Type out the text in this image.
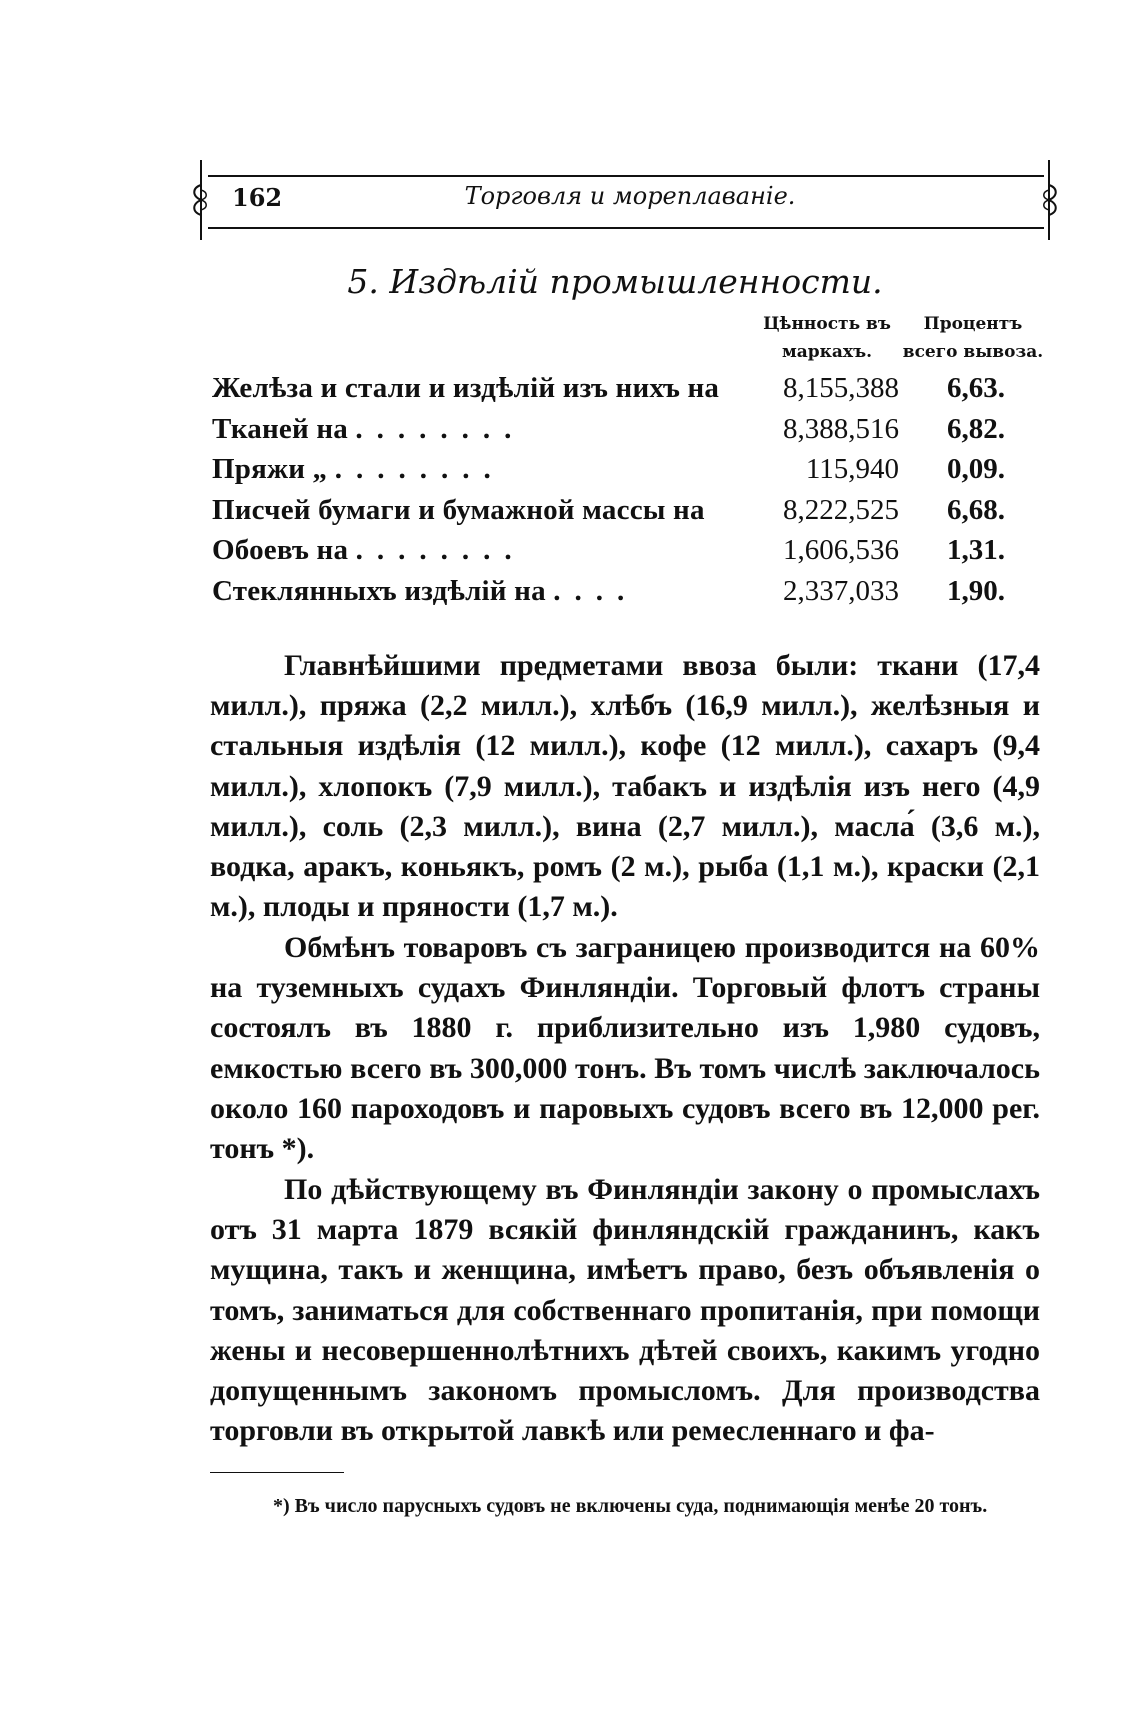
162	Торговля и мореплаваніе.
5. Издѣлій промышленности.
Цѣнность въ
маркахъ.
Процентъ
всего вывоза.
Желѣза и стали и издѣлій изъ нихъ на 8,155,388 6,63.
Тканей на ........	8,388,516 6,82.
Пряжи „ ........	115,940 0,09.
Писчей бумаги и бумажной массы на	8,222,525 6,68.
Обоевъ на ........	1,606,536 1,31.
Стеклянныхъ издѣлій на ....	2,337,033 1,90.

Главнѣйшими предметами ввоза были: ткани (17,4 милл.), пряжа (2,2 милл.), хлѣбъ (16,9 милл.), желѣзныя и стальныя издѣлія (12 милл.), кофе (12 милл.), сахаръ (9,4 милл.), хлопокъ (7,9 милл.), табакъ и издѣлія изъ него (4,9 милл.), соль (2,3 милл.), вина (2,7 милл.), масла́ (3,6 м.), водка, аракъ, коньякъ, ромъ (2 м.), рыба (1,1 м.), краски (2,1 м.), плоды и пряности (1,7 м.).

Обмѣнъ товаровъ съ заграницею производится на 60% на туземныхъ судахъ Финляндіи. Торговый флотъ страны состоялъ въ 1880 г. приблизительно изъ 1,980 судовъ, емкостью всего въ 300,000 тонъ. Въ томъ числѣ заключалось около 160 пароходовъ и паровыхъ судовъ всего въ 12,000 рег. тонъ *).

По дѣйствующему въ Финляндіи закону о промыслахъ отъ 31 марта 1879 всякій финляндскій гражданинъ, какъ мущина, такъ и женщина, имѣетъ право, безъ объявленія о томъ, заниматься для собственнаго пропитанія, при помощи жены и несовершеннолѣтнихъ дѣтей своихъ, какимъ угодно допущеннымъ закономъ промысломъ. Для производства торговли въ открытой лавкѣ или ремесленнаго и фа-

*) Въ число парусныхъ судовъ не включены суда, поднимающія менѣе 20 тонъ.
